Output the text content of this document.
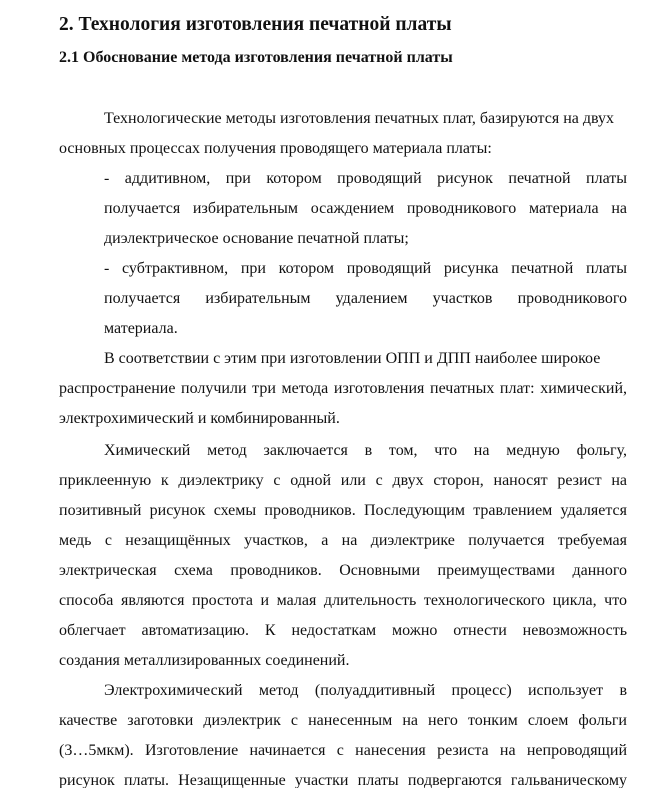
2. Технология изготовления печатной платы
2.1 Обоснование метода изготовления печатной платы

Технологические методы изготовления печатных плат, базируются на двух

основных процессах получения проводящего материала платы:

- аддитивном, при котором проводящий рисунок печатной платы

получается избирательным осаждением проводникового материала на

диэлектрическое основание печатной платы;

- субтрактивном, при котором проводящий рисунка печатной платы

получается избирательным удалением участков проводникового

материала.

В соответствии с этим при изготовлении ОПП и ДПП наиболее широкое

распространение получили три метода изготовления печатных плат: химический,

электрохимический и комбинированный.

Химический метод заключается в том, что на медную фольгу,

приклеенную к диэлектрику с одной или с двух сторон, наносят резист на

позитивный рисунок схемы проводников. Последующим травлением удаляется

медь с незащищённых участков, а на диэлектрике получается требуемая

электрическая схема проводников. Основными преимуществами данного

способа являются простота и малая длительность технологического цикла, что

облегчает автоматизацию. К недостаткам можно отнести невозможность

создания металлизированных соединений.

Электрохимический метод (полуаддитивный процесс) использует в

качестве заготовки диэлектрик с нанесенным на него тонким слоем фольги

(3…5мкм). Изготовление начинается с нанесения резиста на непроводящий

рисунок платы. Незащищенные участки платы подвергаются гальваническому
